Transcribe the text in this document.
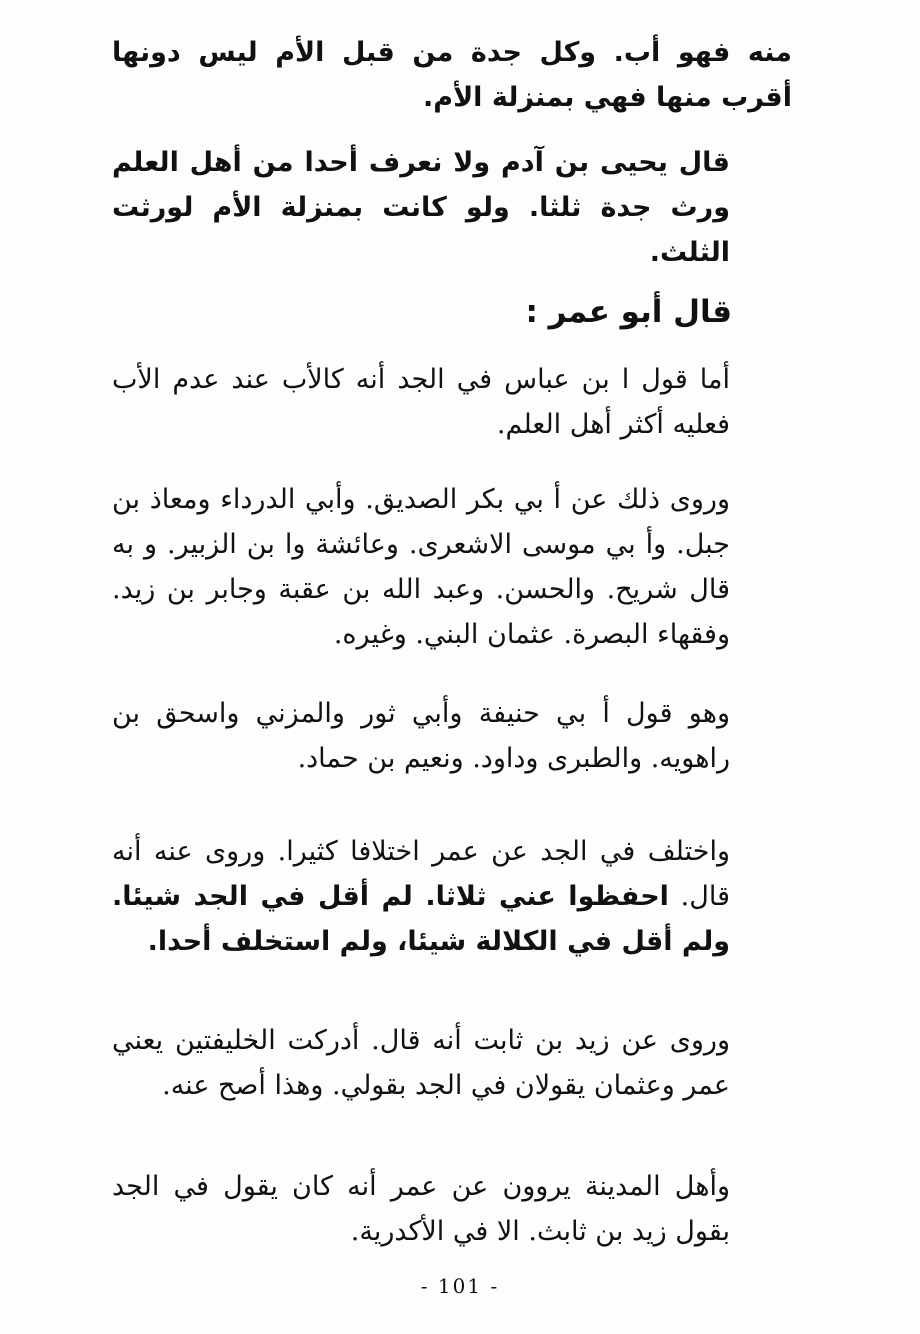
منه فهو أب. وكل جدة من قبل الأم ليس دونها أقرب منها فهي بمنزلة الأم.

قال يحيى بن آدم ولا نعرف أحدا من أهل العلم ورث جدة ثلثا. ولو كانت بمنزلة الأم لورثت الثلث.

قال أبو عمر :

أما قول ا بن عباس في الجد أنه كالأب عند عدم الأب فعليه أكثر أهل العلم.

وروى ذلك عن أ بي بكر الصديق. وأبي الدرداء ومعاذ بن جبل. وأ بي موسى الاشعرى. وعائشة وا بن الزبير. و به قال شريح. والحسن. وعبد الله بن عقبة وجابر بن زيد. وفقهاء البصرة. عثمان البني. وغيره.

وهو قول أ بي حنيفة وأبي ثور والمزني واسحق بن راهويه. والطبرى وداود. ونعيم بن حماد.

واختلف في الجد عن عمر اختلافا كثيرا. وروى عنه أنه قال. احفظوا عني ثلاثا. لم أقل في الجد شيئا. ولم أقل في الكلالة شيئا، ولم استخلف أحدا.

وروى عن زيد بن ثابت أنه قال. أدركت الخليفتين يعني عمر وعثمان يقولان في الجد بقولي. وهذا أصح عنه.

وأهل المدينة يروون عن عمر أنه كان يقول في الجد بقول زيد بن ثابث. الا في الأكدرية.

- 101 -
